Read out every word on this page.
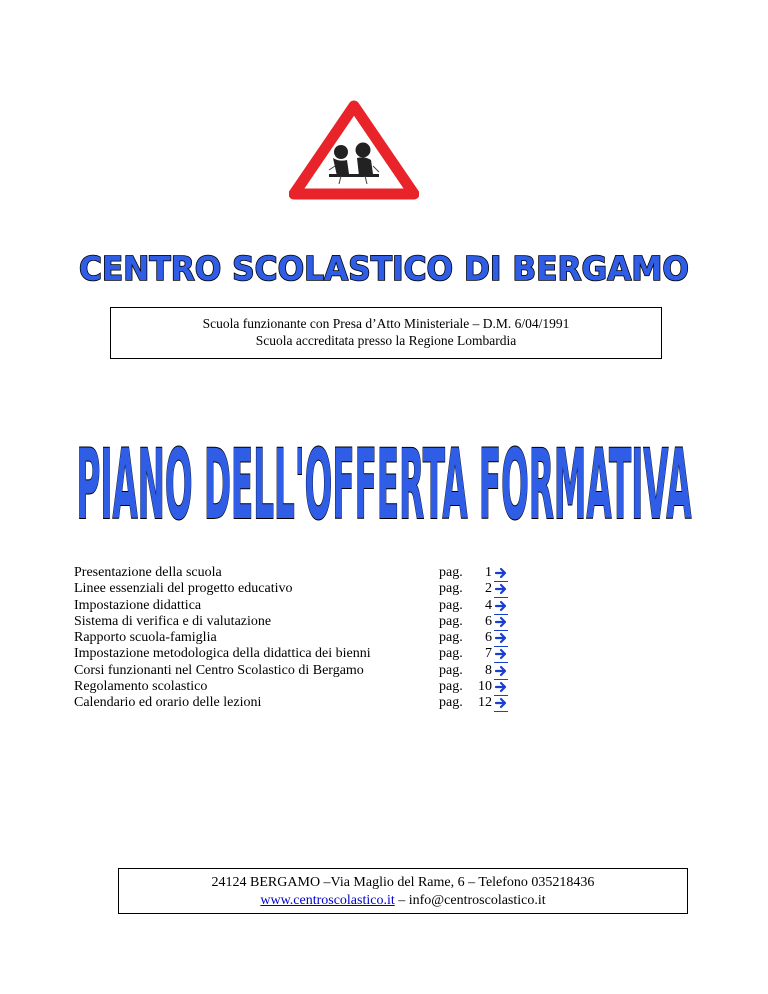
CENTRO SCOLASTICO DI BERGAMO
Scuola funzionante con Presa d’Atto Ministeriale – D.M. 6/04/1991
Scuola accreditata presso la Regione Lombardia
PIANO DELL'OFFERTA FORMATIVA
Presentazione della scuola	pag.	1
Linee essenziali del progetto educativo	pag.	2
Impostazione didattica	pag.	4
Sistema di verifica e di valutazione	pag.	6
Rapporto scuola-famiglia	pag.	6
Impostazione metodologica della didattica dei bienni	pag.	7
Corsi funzionanti nel Centro Scolastico di Bergamo	pag.	8
Regolamento scolastico	pag.	10
Calendario ed orario delle lezioni	pag.	12
24124 BERGAMO –Via Maglio del Rame, 6 – Telefono 035218436
www.centroscolastico.it – info@centroscolastico.it
